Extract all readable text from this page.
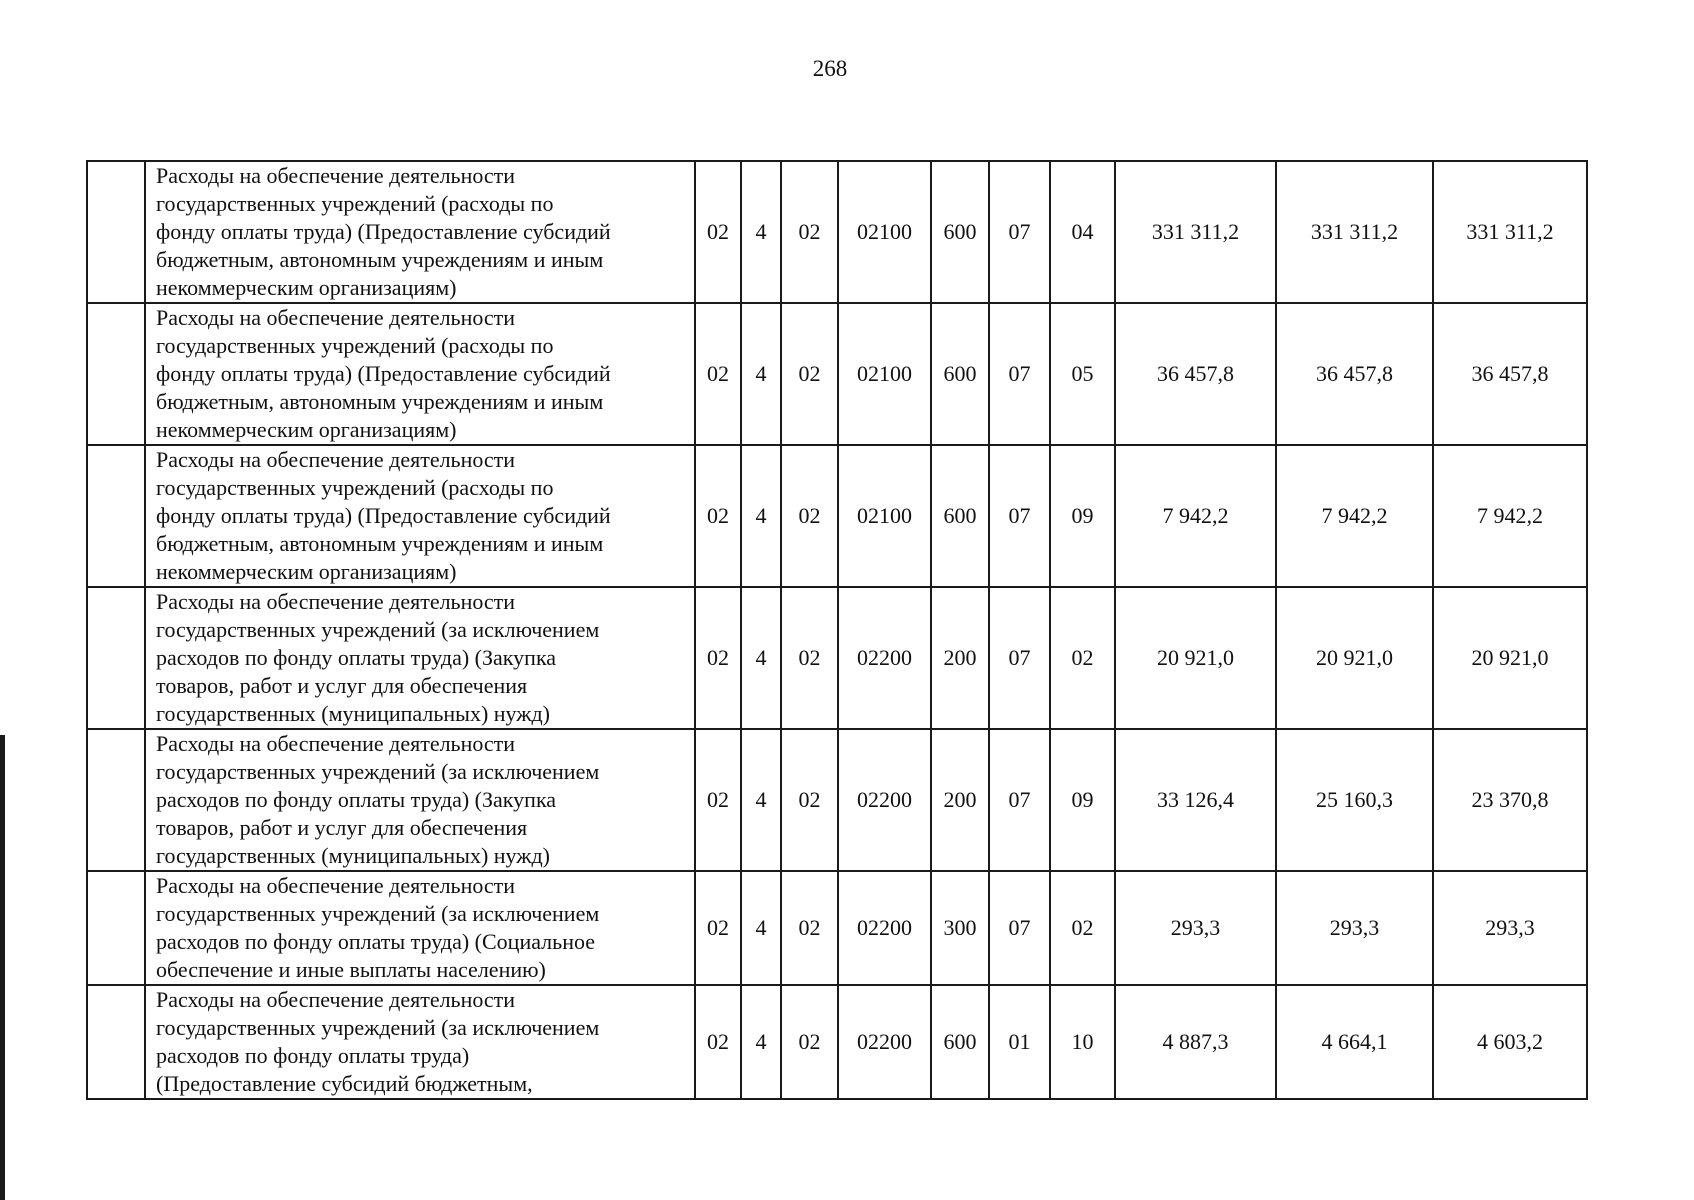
268
	Расходы на обеспечение деятельности
государственных учреждений (расходы по
фонду оплаты труда) (Предоставление субсидий
бюджетным, автономным учреждениям и иным
некоммерческим организациям)	02	4	02	02100	600	07	04	331 311,2	331 311,2	331 311,2
	Расходы на обеспечение деятельности
государственных учреждений (расходы по
фонду оплаты труда) (Предоставление субсидий
бюджетным, автономным учреждениям и иным
некоммерческим организациям)	02	4	02	02100	600	07	05	36 457,8	36 457,8	36 457,8
	Расходы на обеспечение деятельности
государственных учреждений (расходы по
фонду оплаты труда) (Предоставление субсидий
бюджетным, автономным учреждениям и иным
некоммерческим организациям)	02	4	02	02100	600	07	09	7 942,2	7 942,2	7 942,2
	Расходы на обеспечение деятельности
государственных учреждений (за исключением
расходов по фонду оплаты труда) (Закупка
товаров, работ и услуг для обеспечения
государственных (муниципальных) нужд)	02	4	02	02200	200	07	02	20 921,0	20 921,0	20 921,0
	Расходы на обеспечение деятельности
государственных учреждений (за исключением
расходов по фонду оплаты труда) (Закупка
товаров, работ и услуг для обеспечения
государственных (муниципальных) нужд)	02	4	02	02200	200	07	09	33 126,4	25 160,3	23 370,8
	Расходы на обеспечение деятельности
государственных учреждений (за исключением
расходов по фонду оплаты труда) (Социальное
обеспечение и иные выплаты населению)	02	4	02	02200	300	07	02	293,3	293,3	293,3
	Расходы на обеспечение деятельности
государственных учреждений (за исключением
расходов по фонду оплаты труда)
(Предоставление субсидий бюджетным,	02	4	02	02200	600	01	10	4 887,3	4 664,1	4 603,2
